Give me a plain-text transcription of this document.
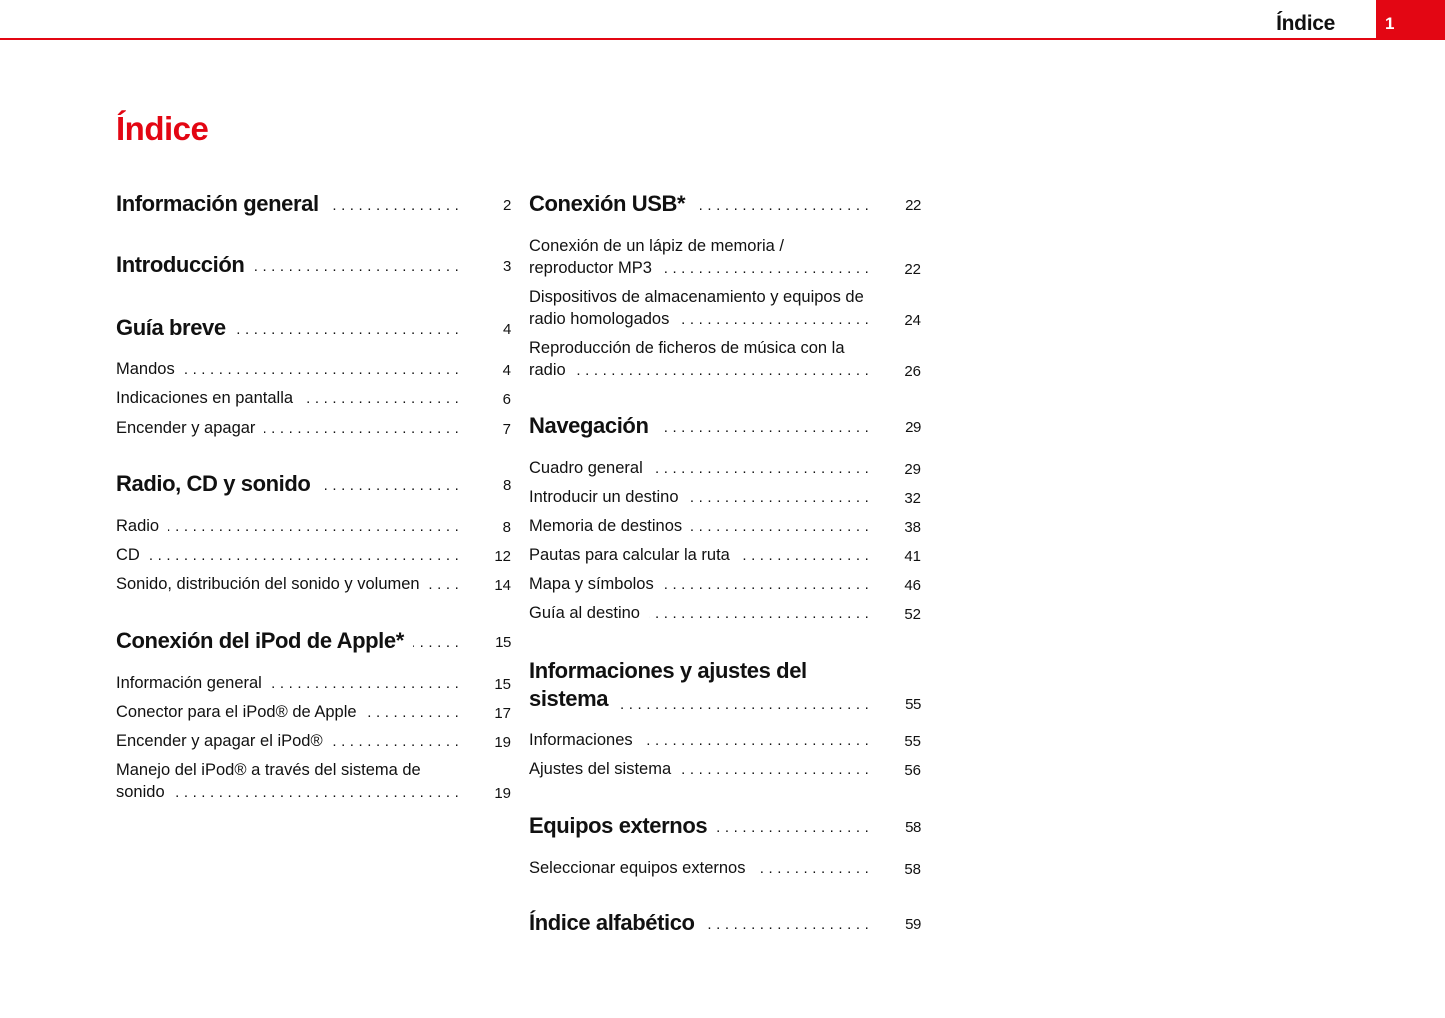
Índice	1
Índice
Información general . . .	2
Introducción . . .	3
Guía breve . . .	4
Mandos . . .	4
Indicaciones en pantalla . . .	6
Encender y apagar . . .	7
Radio, CD y sonido . . .	8
Radio . . .	8
CD . . .	12
Sonido, distribución del sonido y volumen . . .	14
Conexión del iPod de Apple* . . .	15
Información general . . .	15
Conector para el iPod® de Apple . . .	17
Encender y apagar el iPod® . . .	19
Manejo del iPod® a través del sistema de
sonido . . .	19
Conexión USB* . . .	22
Conexión de un lápiz de memoria /
reproductor MP3 . . .	22
Dispositivos de almacenamiento y equipos de
radio homologados . . .	24
Reproducción de ficheros de música con la
radio . . .	26
Navegación . . .	29
Cuadro general . . .	29
Introducir un destino . . .	32
Memoria de destinos . . .	38
Pautas para calcular la ruta . . .	41
Mapa y símbolos . . .	46
Guía al destino . . .	52
Informaciones y ajustes del
sistema . . .	55
Informaciones . . .	55
Ajustes del sistema . . .	56
Equipos externos . . .	58
Seleccionar equipos externos . . .	58
Índice alfabético . . .	59
